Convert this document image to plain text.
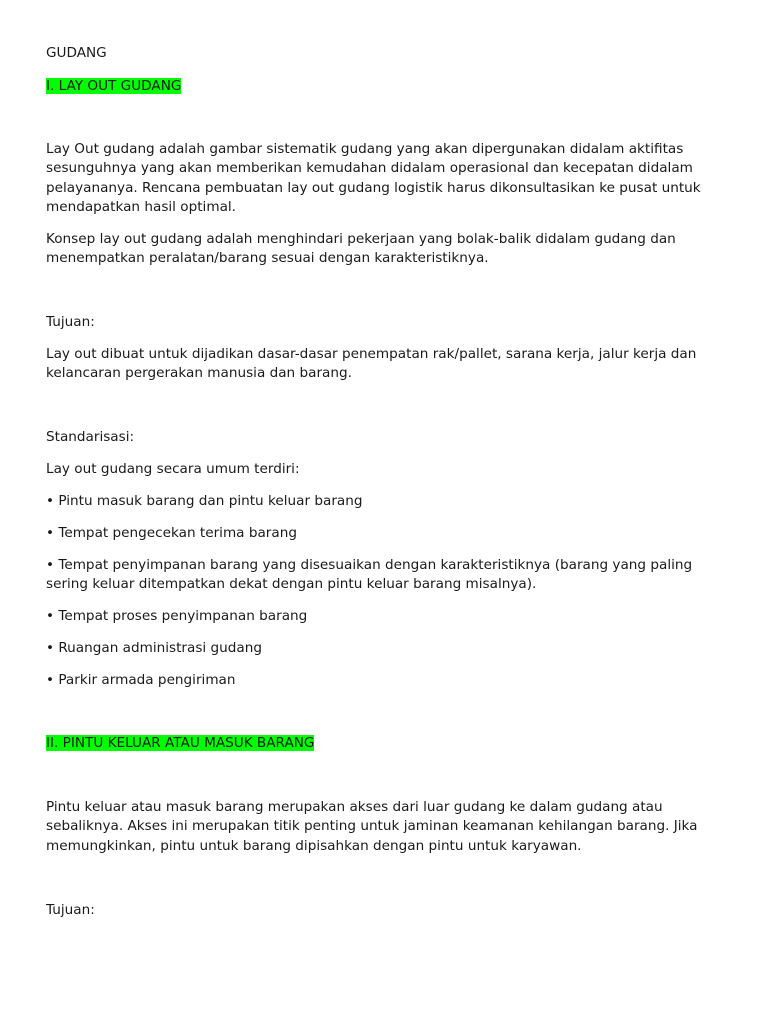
GUDANG
I. LAY OUT GUDANG
Lay Out gudang adalah gambar sistematik gudang yang akan dipergunakan didalam aktifitas
sesunguhnya yang akan memberikan kemudahan didalam operasional dan kecepatan didalam
pelayananya. Rencana pembuatan lay out gudang logistik harus dikonsultasikan ke pusat untuk
mendapatkan hasil optimal.
Konsep lay out gudang adalah menghindari pekerjaan yang bolak-balik didalam gudang dan
menempatkan peralatan/barang sesuai dengan karakteristiknya.
Tujuan:
Lay out dibuat untuk dijadikan dasar-dasar penempatan rak/pallet, sarana kerja, jalur kerja dan
kelancaran pergerakan manusia dan barang.
Standarisasi:
Lay out gudang secara umum terdiri:
• Pintu masuk barang dan pintu keluar barang
• Tempat pengecekan terima barang
• Tempat penyimpanan barang yang disesuaikan dengan karakteristiknya (barang yang paling
sering keluar ditempatkan dekat dengan pintu keluar barang misalnya).
• Tempat proses penyimpanan barang
• Ruangan administrasi gudang
• Parkir armada pengiriman
II. PINTU KELUAR ATAU MASUK BARANG
Pintu keluar atau masuk barang merupakan akses dari luar gudang ke dalam gudang atau
sebaliknya. Akses ini merupakan titik penting untuk jaminan keamanan kehilangan barang. Jika
memungkinkan, pintu untuk barang dipisahkan dengan pintu untuk karyawan.
Tujuan:
